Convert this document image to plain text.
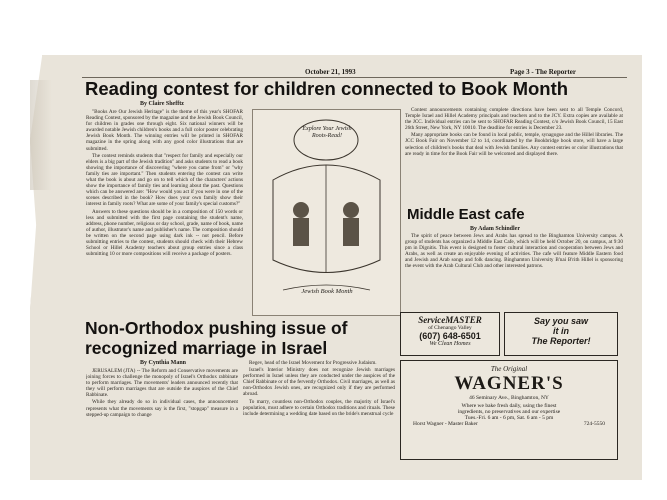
October 21, 1993	Page 3 - The Reporter
Reading contest for children connected to Book Month
By Claire Shefftz

"Books Are Our Jewish Heritage" is the theme of this year's SHOFAR Reading Contest, sponsored by the magazine and the Jewish Book Council, for children in grades one through eight. Six national winners will be awarded notable Jewish children's books and a full color poster celebrating Jewish Book Month. The winning entries will be printed in SHOFAR magazine in the spring along with any good color illustrations that are submitted.

The contest reminds students that "respect for family and especially our elders is a big part of the Jewish tradition" and asks students to read a book showing the importance of discovering "where you came from" or "why family ties are important." Then students entering the contest can write what the book is about and go on to tell which of the characters' actions show the importance of family ties and learning about the past. Questions which can be answered are: "How would you act if you were in one of the scenes described in the book? How does your own family show their interest in family roots? What are some of your family's special customs?"

Answers to these questions should be in a composition of 150 words or less and submitted with the first page containing the student's name, address, phone number, religious or day school, grade, name of book, name of author, illustrator's name and publisher's name. The composition should be written on the second page using dark ink -- not pencil. Before submitting entries to the contest, students should check with their Hebrew School or Hillel Academy teachers about group entries since a class submitting 10 or more compositions will receive a package of posters.

Explore Your Jewish Roots-Read!
Jewish Book Month

Contest announcements containing complete directions have been sent to all Temple Concord, Temple Israel and Hillel Academy principals and teachers and to the JCY. Extra copies are available at the JCC. Individual entries can be sent to SHOFAR Reading Contest, c/o Jewish Book Council, 15 East 26th Street, New York, NY 10010. The deadline for entries is December 23.

Many appropriate books can be found in local public, temple, synagogue and the Hillel libraries. The JCC Book Fair on November 12 to 14, coordinated by the Bookbridge book store, will have a large selection of children's books that deal with Jewish families. Any contest entries or color illustrations that are ready in time for the Book Fair will be welcomed and displayed there.

Middle East cafe
By Adam Schindler

The spirit of peace between Jews and Arabs has spread to the Binghamton University campus. A group of students has organized a Middle East Cafe, which will be held October 20, on campus, at 9:30 pm in Dignitis. This event is designed to foster cultural interaction and cooperation between Jews and Arabs, as well as create an enjoyable evening of activities. The cafe will feature Middle Eastern food and Jewish and Arab songs and folk dancing. Binghamton University B'nai B'rith Hillel is sponsoring the event with the Arab Cultural Club and other interested patrons.

Non-Orthodox pushing issue of
recognized marriage in Israel
By Cynthia Mann

JERUSALEM (JTA) -- The Reform and Conservative movements are joining forces to challenge the monopoly of Israel's Orthodox rabbinate to perform marriages. The movements' leaders announced recently that they will perform marriages that are outside the auspices of the Chief Rabbinate.

While they already do so in individual cases, the announcement represents what the movements say is the first, "stopgap" measure in a stepped-up campaign to change

Regev, head of the Israel Movement for Progressive Judaism.

Israel's Interior Ministry does not recognize Jewish marriages performed in Israel unless they are conducted under the auspices of the Chief Rabbinate or of the fervently Orthodox. Civil marriages, as well as non-Orthodox Jewish ones, are recognized only if they are performed abroad.

To marry, countless non-Orthodox couples, the majority of Israel's population, must adhere to certain Orthodox traditions and rituals. These include determining a wedding date based on the bride's menstrual cycle

ServiceMASTER
of Chenango Valley
(607) 648-6501
We Clean Homes
Say you saw
it in
The Reporter!
The Original
WAGNER'S
46 Seminary Ave., Binghamton, NY
Where we bake fresh daily, using the finest
ingredients, no preservatives and our expertise
Tues.-Fri. 6 am - 6 pm, Sat. 6 am - 5 pm
Horst Wagner - Master Baker	724-5550
